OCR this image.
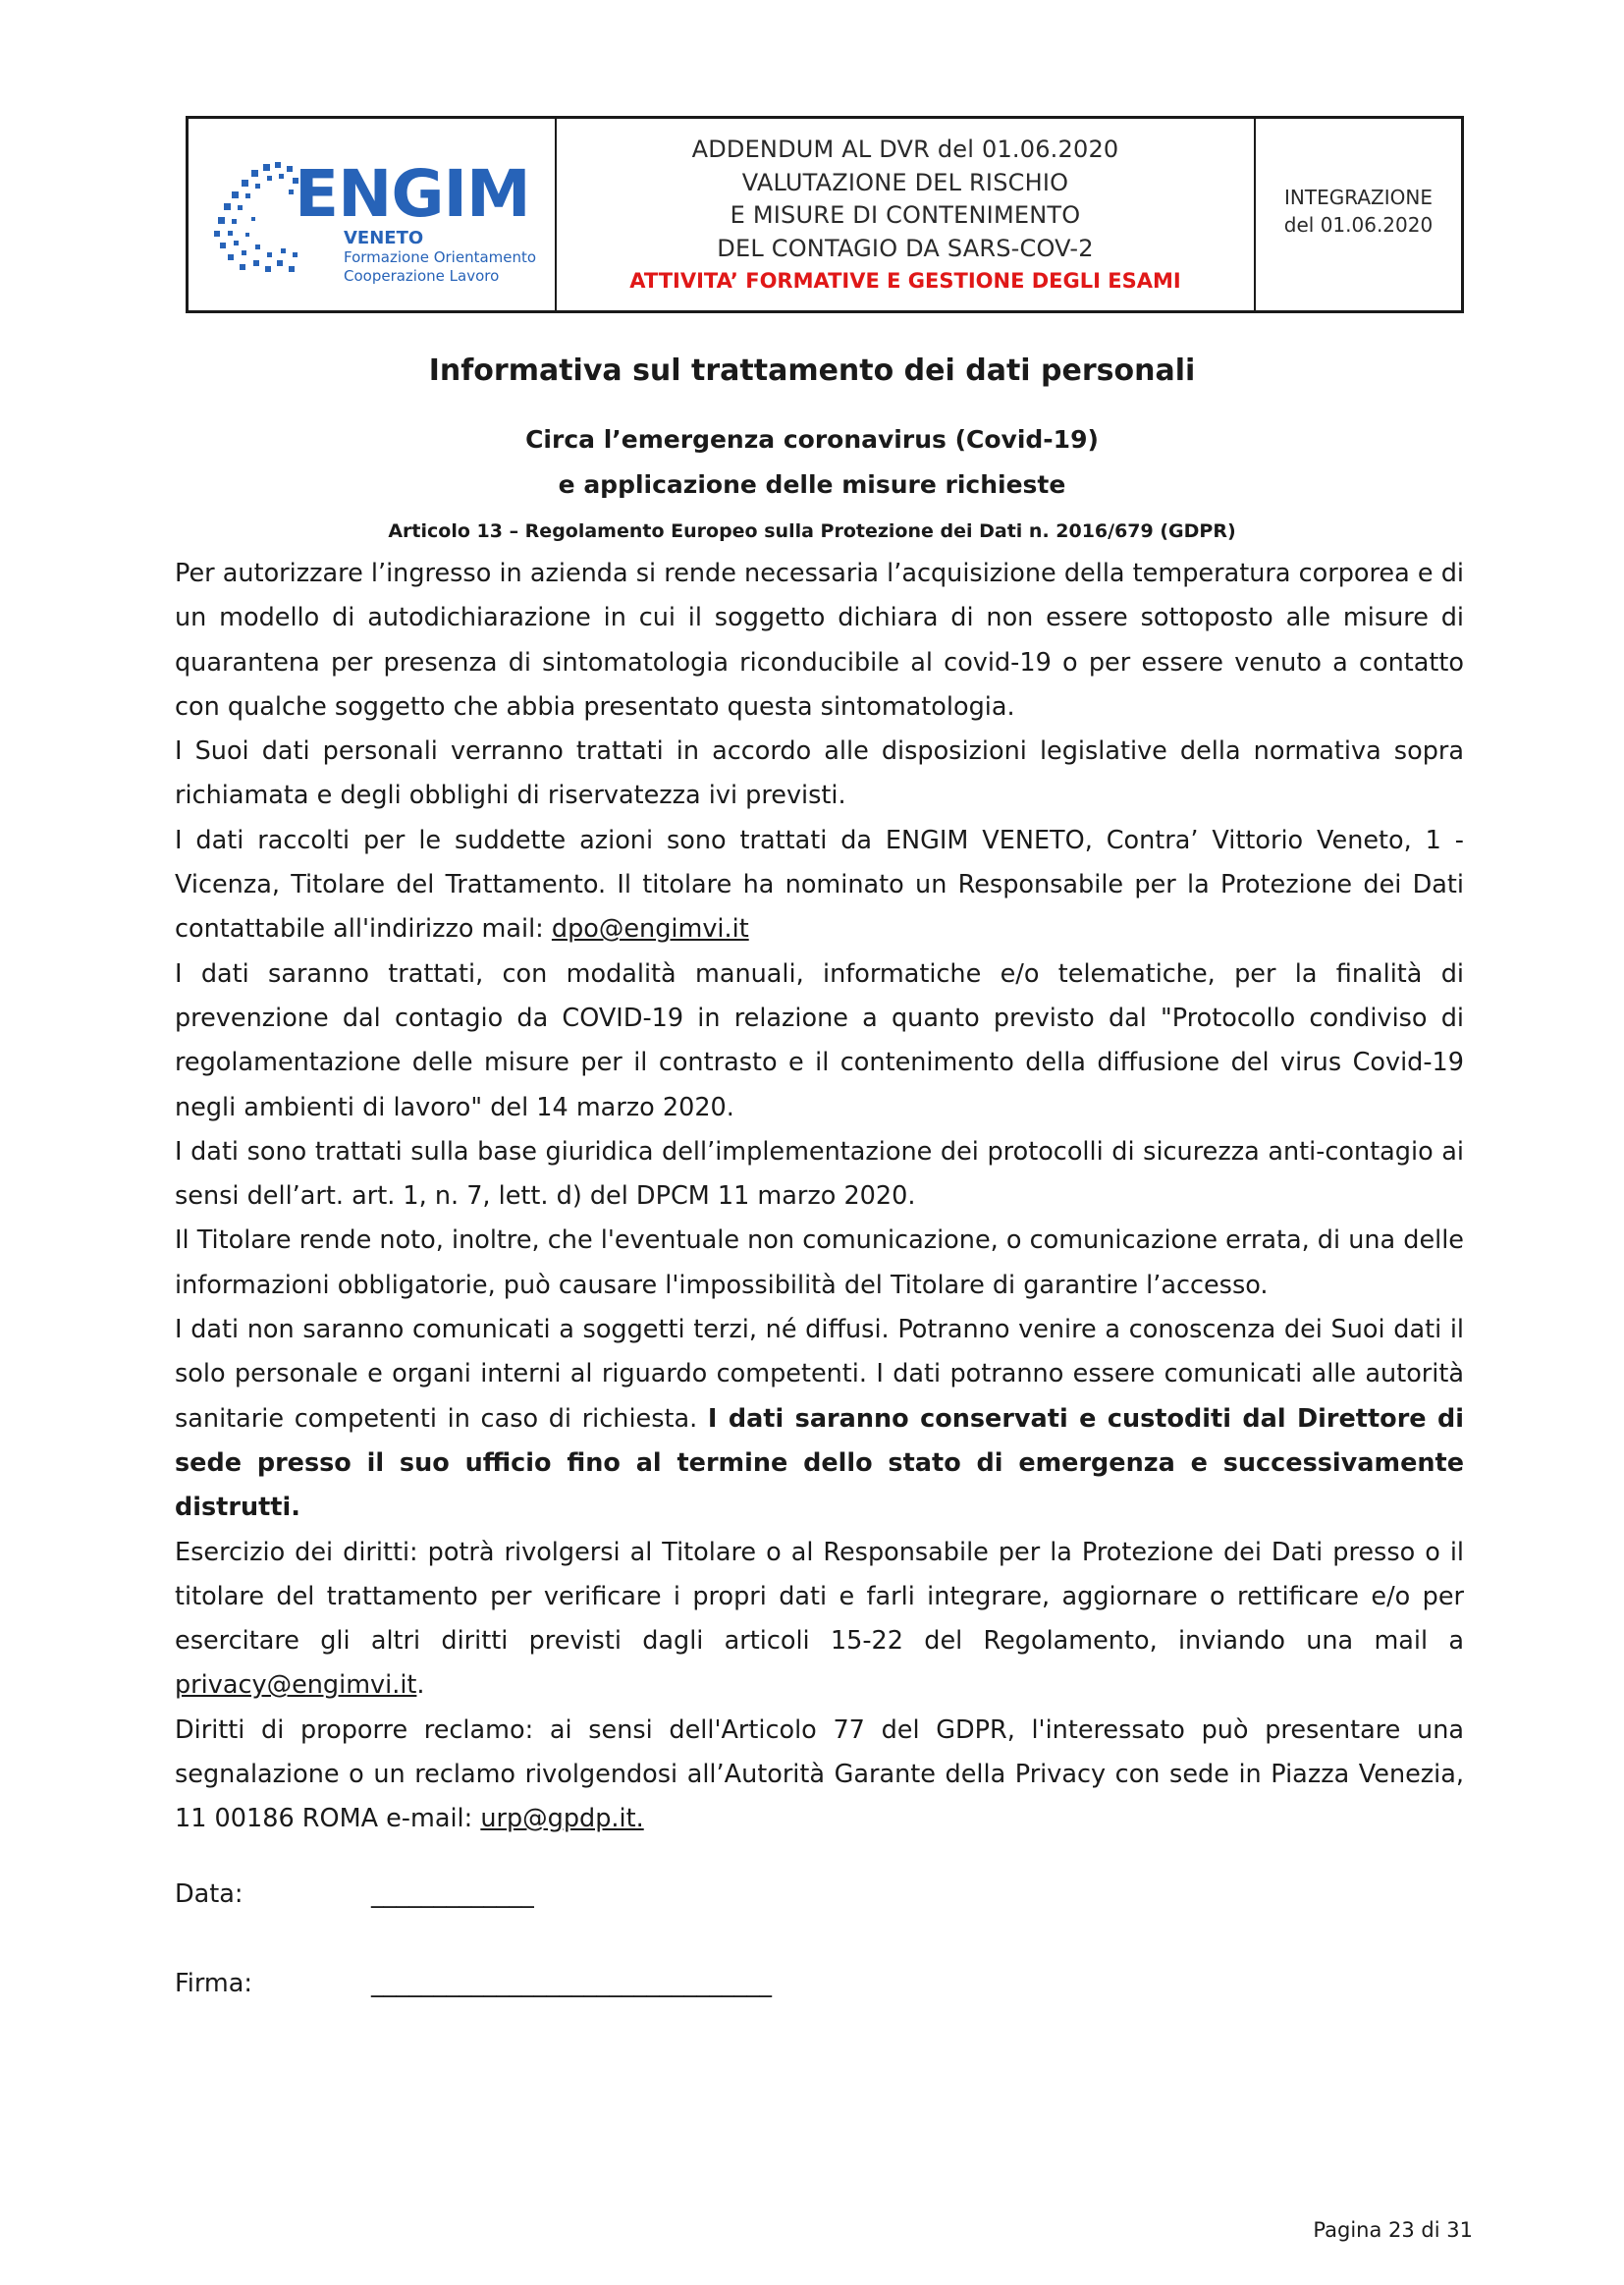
ENGIM
VENETO
Formazione Orientamento
Cooperazione Lavoro
ADDENDUM AL DVR del 01.06.2020
VALUTAZIONE DEL RISCHIO
E MISURE DI CONTENIMENTO
DEL CONTAGIO DA SARS-COV-2
ATTIVITA’ FORMATIVE E GESTIONE DEGLI ESAMI
INTEGRAZIONE
del 01.06.2020
Informativa sul trattamento dei dati personali
Circa l’emergenza coronavirus (Covid-19)
e applicazione delle misure richieste
Articolo 13 – Regolamento Europeo sulla Protezione dei Dati n. 2016/679 (GDPR)

Per autorizzare l’ingresso in azienda si rende necessaria l’acquisizione della temperatura corporea e di un modello di autodichiarazione in cui il soggetto dichiara di non essere sottoposto alle misure di quarantena per presenza di sintomatologia riconducibile al covid-19 o per essere venuto a contatto con qualche soggetto che abbia presentato questa sintomatologia.

I Suoi dati personali verranno trattati in accordo alle disposizioni legislative della normativa sopra richiamata e degli obblighi di riservatezza ivi previsti.

I dati raccolti per le suddette azioni sono trattati da ENGIM VENETO, Contra’ Vittorio Veneto, 1 - Vicenza, Titolare del Trattamento. Il titolare ha nominato un Responsabile per la Protezione dei Dati contattabile all'indirizzo mail: dpo@engimvi.it

I dati saranno trattati, con modalità manuali, informatiche e/o telematiche, per la finalità di prevenzione dal contagio da COVID-19 in relazione a quanto previsto dal "Protocollo condiviso di regolamentazione delle misure per il contrasto e il contenimento della diffusione del virus Covid-19 negli ambienti di lavoro" del 14 marzo 2020.

I dati sono trattati sulla base giuridica dell’implementazione dei protocolli di sicurezza anti-contagio ai sensi dell’art. art. 1, n. 7, lett. d) del DPCM 11 marzo 2020.

Il Titolare rende noto, inoltre, che l'eventuale non comunicazione, o comunicazione errata, di una delle informazioni obbligatorie, può causare l'impossibilità del Titolare di garantire l’accesso.

I dati non saranno comunicati a soggetti terzi, né diffusi. Potranno venire a conoscenza dei Suoi dati il solo personale e organi interni al riguardo competenti. I dati potranno essere comunicati alle autorità sanitarie competenti in caso di richiesta. I dati saranno conservati e custoditi dal Direttore di sede presso il suo ufficio fino al termine dello stato di emergenza e successivamente distrutti.

Esercizio dei diritti: potrà rivolgersi al Titolare o al Responsabile per la Protezione dei Dati presso o il titolare del trattamento per verificare i propri dati e farli integrare, aggiornare o rettificare e/o per esercitare gli altri diritti previsti dagli articoli 15-22 del Regolamento, inviando una mail a privacy@engimvi.it.

Diritti di proporre reclamo: ai sensi dell'Articolo 77 del GDPR, l'interessato può presentare una segnalazione o un reclamo rivolgendosi all’Autorità Garante della Privacy con sede in Piazza Venezia, 11 00186 ROMA e-mail: urp@gpdp.it.

Data:	_____________
Firma:	________________________________
Pagina 23 di 31
